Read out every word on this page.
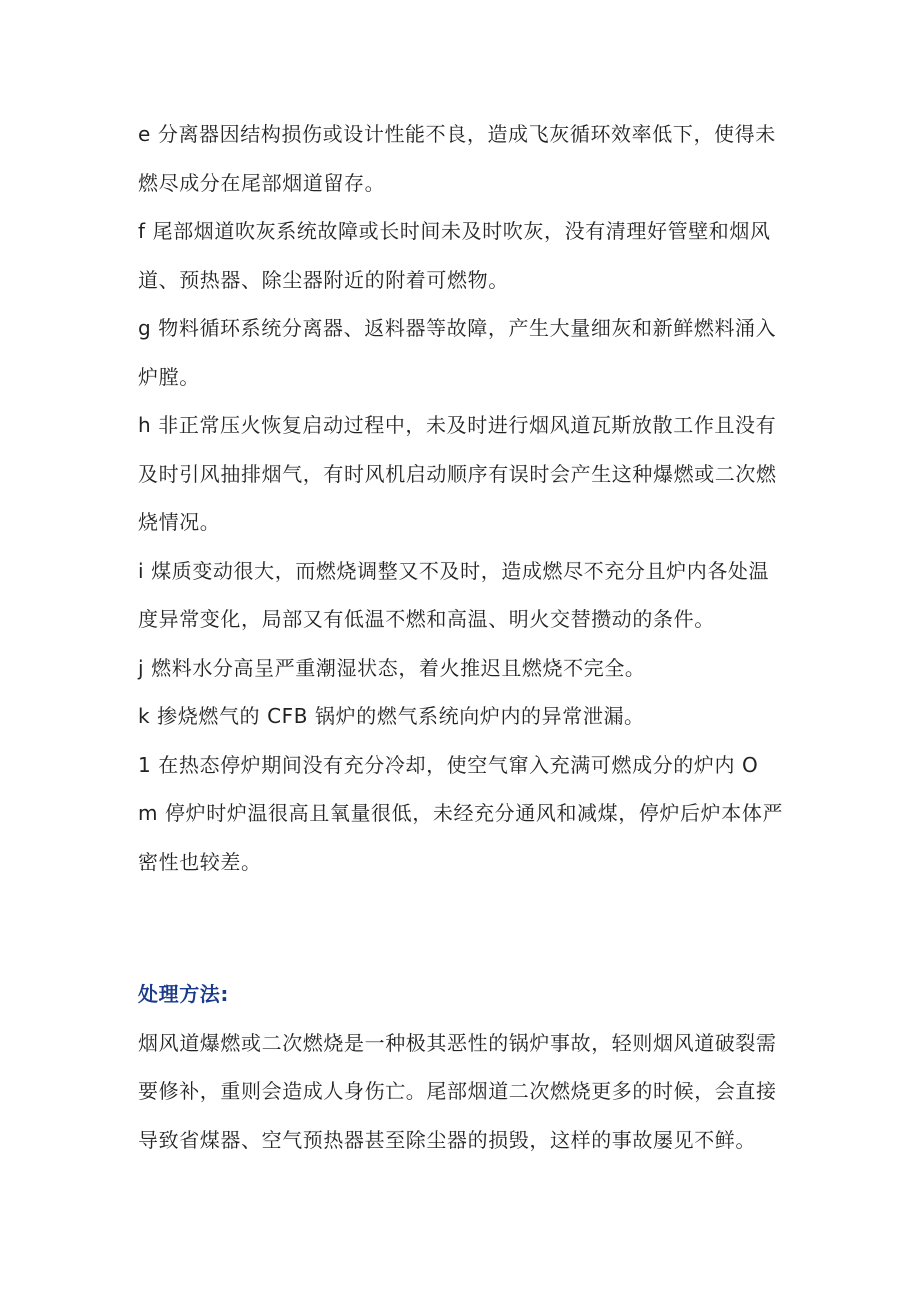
e 分离器因结构损伤或设计性能不良，造成飞灰循环效率低下，使得未燃尽成分在尾部烟道留存。

f 尾部烟道吹灰系统故障或长时间未及时吹灰，没有清理好管壁和烟风道、预热器、除尘器附近的附着可燃物。

g 物料循环系统分离器、返料器等故障，产生大量细灰和新鲜燃料涌入炉膛。

h 非正常压火恢复启动过程中，未及时进行烟风道瓦斯放散工作且没有及时引风抽排烟气，有时风机启动顺序有误时会产生这种爆燃或二次燃烧情况。

i 煤质变动很大，而燃烧调整又不及时，造成燃尽不充分且炉内各处温度异常变化，局部又有低温不燃和高温、明火交替攒动的条件。

j 燃料水分高呈严重潮湿状态，着火推迟且燃烧不完全。

k 掺烧燃气的 CFB 锅炉的燃气系统向炉内的异常泄漏。

1 在热态停炉期间没有充分冷却，使空气窜入充满可燃成分的炉内 O

m 停炉时炉温很高且氧量很低，未经充分通风和减煤，停炉后炉本体严密性也较差。

处理方法:

烟风道爆燃或二次燃烧是一种极其恶性的锅炉事故，轻则烟风道破裂需要修补，重则会造成人身伤亡。尾部烟道二次燃烧更多的时候，会直接导致省煤器、空气预热器甚至除尘器的损毁，这样的事故屡见不鲜。
